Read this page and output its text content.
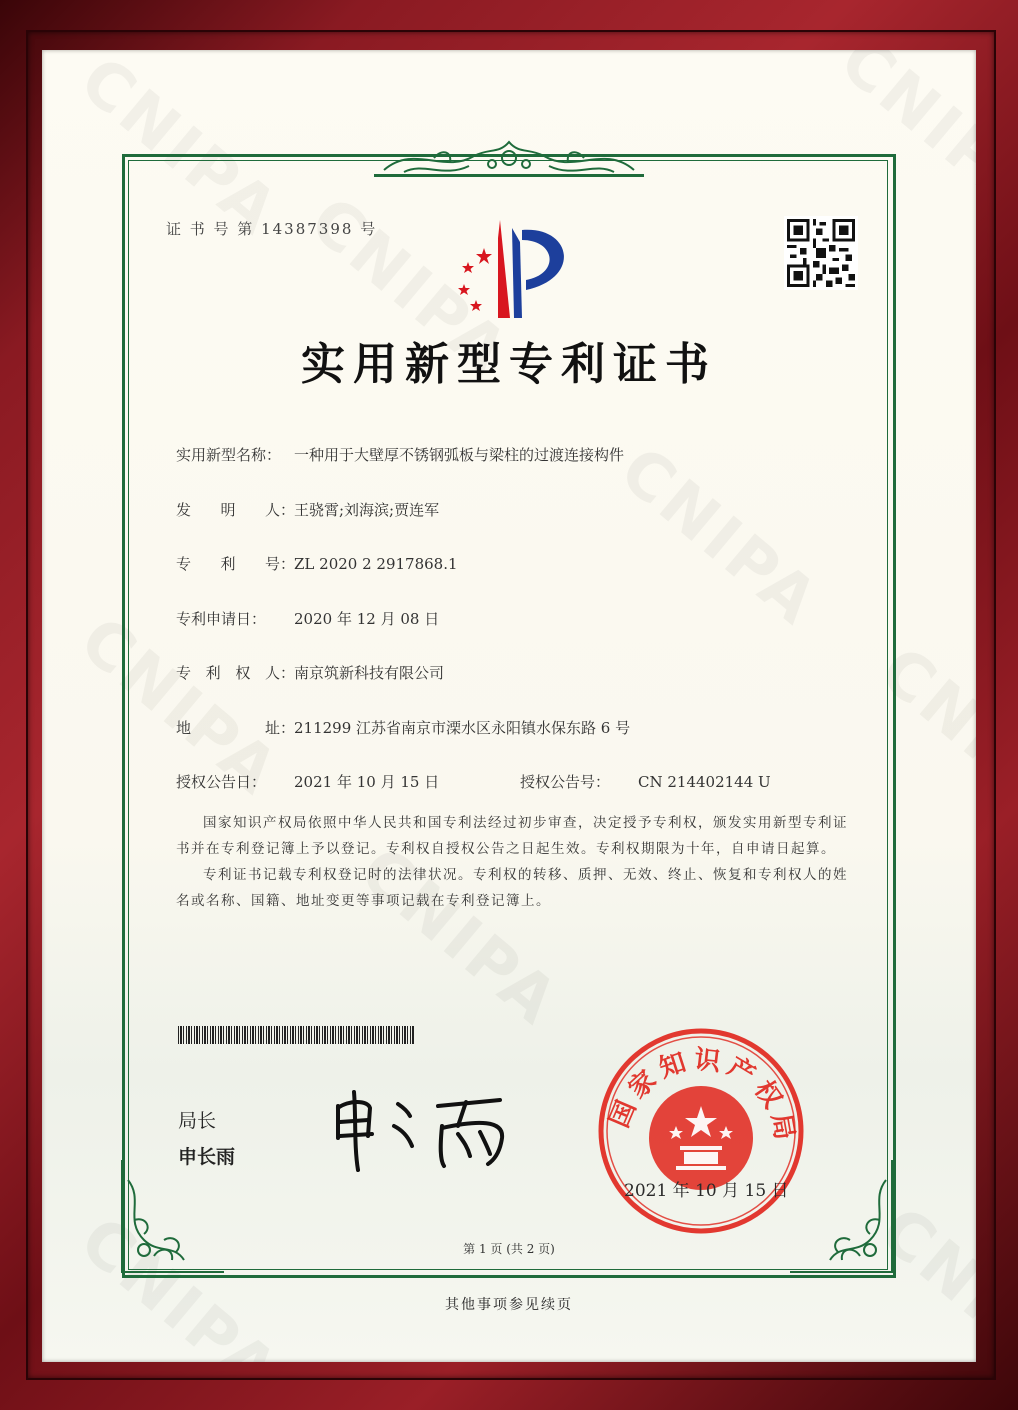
证 书 号 第 14387398 号
实用新型专利证书
实用新型名称： 一种用于大壁厚不锈钢弧板与梁柱的过渡连接构件
发 明 人 ：王骁霄;刘海滨;贾连军
专 利 号 ：ZL 2020 2 2917868.1
专利申请日： 2020 年 12 月 08 日
专 利 权 人 ：南京筑新科技有限公司
地	址 ：211299 江苏省南京市溧水区永阳镇水保东路 6 号
授权公告日： 2021 年 10 月 15 日	授权公告号： CN 214402144 U

国家知识产权局依照中华人民共和国专利法经过初步审查，决定授予专利权，颁发实用新型专利证书并在专利登记簿上予以登记。专利权自授权公告之日起生效。专利权期限为十年，自申请日起算。

专利证书记载专利权登记时的法律状况。专利权的转移、质押、无效、终止、恢复和专利权人的姓名或名称、国籍、地址变更等事项记载在专利登记簿上。

局长
申长雨
国家知识产权局
2021 年 10 月 15 日
第 1 页 (共 2 页)
其他事项参见续页
